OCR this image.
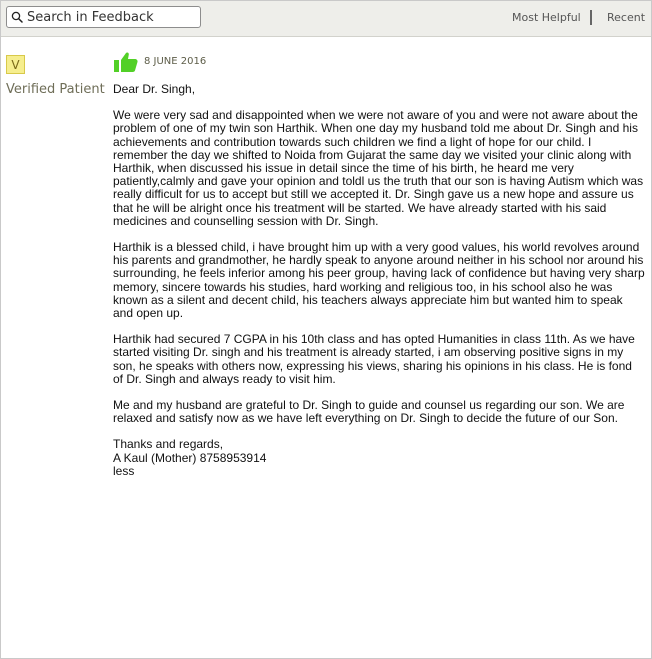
Search in Feedback
Most Helpful Recent
V
Verified Patient
8 JUNE 2016

Dear Dr. Singh,

We were very sad and disappointed when we were not aware of you and were not aware about the problem of one of my twin son Harthik. When one day my husband told me about Dr. Singh and his achievements and contribution towards such children we find a light of hope for our child. I remember the day we shifted to Noida from Gujarat the same day we visited your clinic along with Harthik, when discussed his issue in detail since the time of his birth, he heard me very patiently,calmly and gave your opinion and toldl us the truth that our son is having Autism which was really difficult for us to accept but still we accepted it. Dr. Singh gave us a new hope and assure us that he will be alright once his treatment will be started. We have already started with his said medicines and counselling session with Dr. Singh.

Harthik is a blessed child, i have brought him up with a very good values, his world revolves around his parents and grandmother, he hardly speak to anyone around neither in his school nor around his surrounding, he feels inferior among his peer group, having lack of confidence but having very sharp memory, sincere towards his studies, hard working and religious too, in his school also he was known as a silent and decent child, his teachers always appreciate him but wanted him to speak and open up.

Harthik had secured 7 CGPA in his 10th class and has opted Humanities in class 11th. As we have started visiting Dr. singh and his treatment is already started, i am observing positive signs in my son, he speaks with others now, expressing his views, sharing his opinions in his class. He is fond of Dr. Singh and always ready to visit him.

Me and my husband are grateful to Dr. Singh to guide and counsel us regarding our son. We are relaxed and satisfy now as we have left everything on Dr. Singh to decide the future of our Son.

Thanks and regards,
A Kaul (Mother) 8758953914
less
